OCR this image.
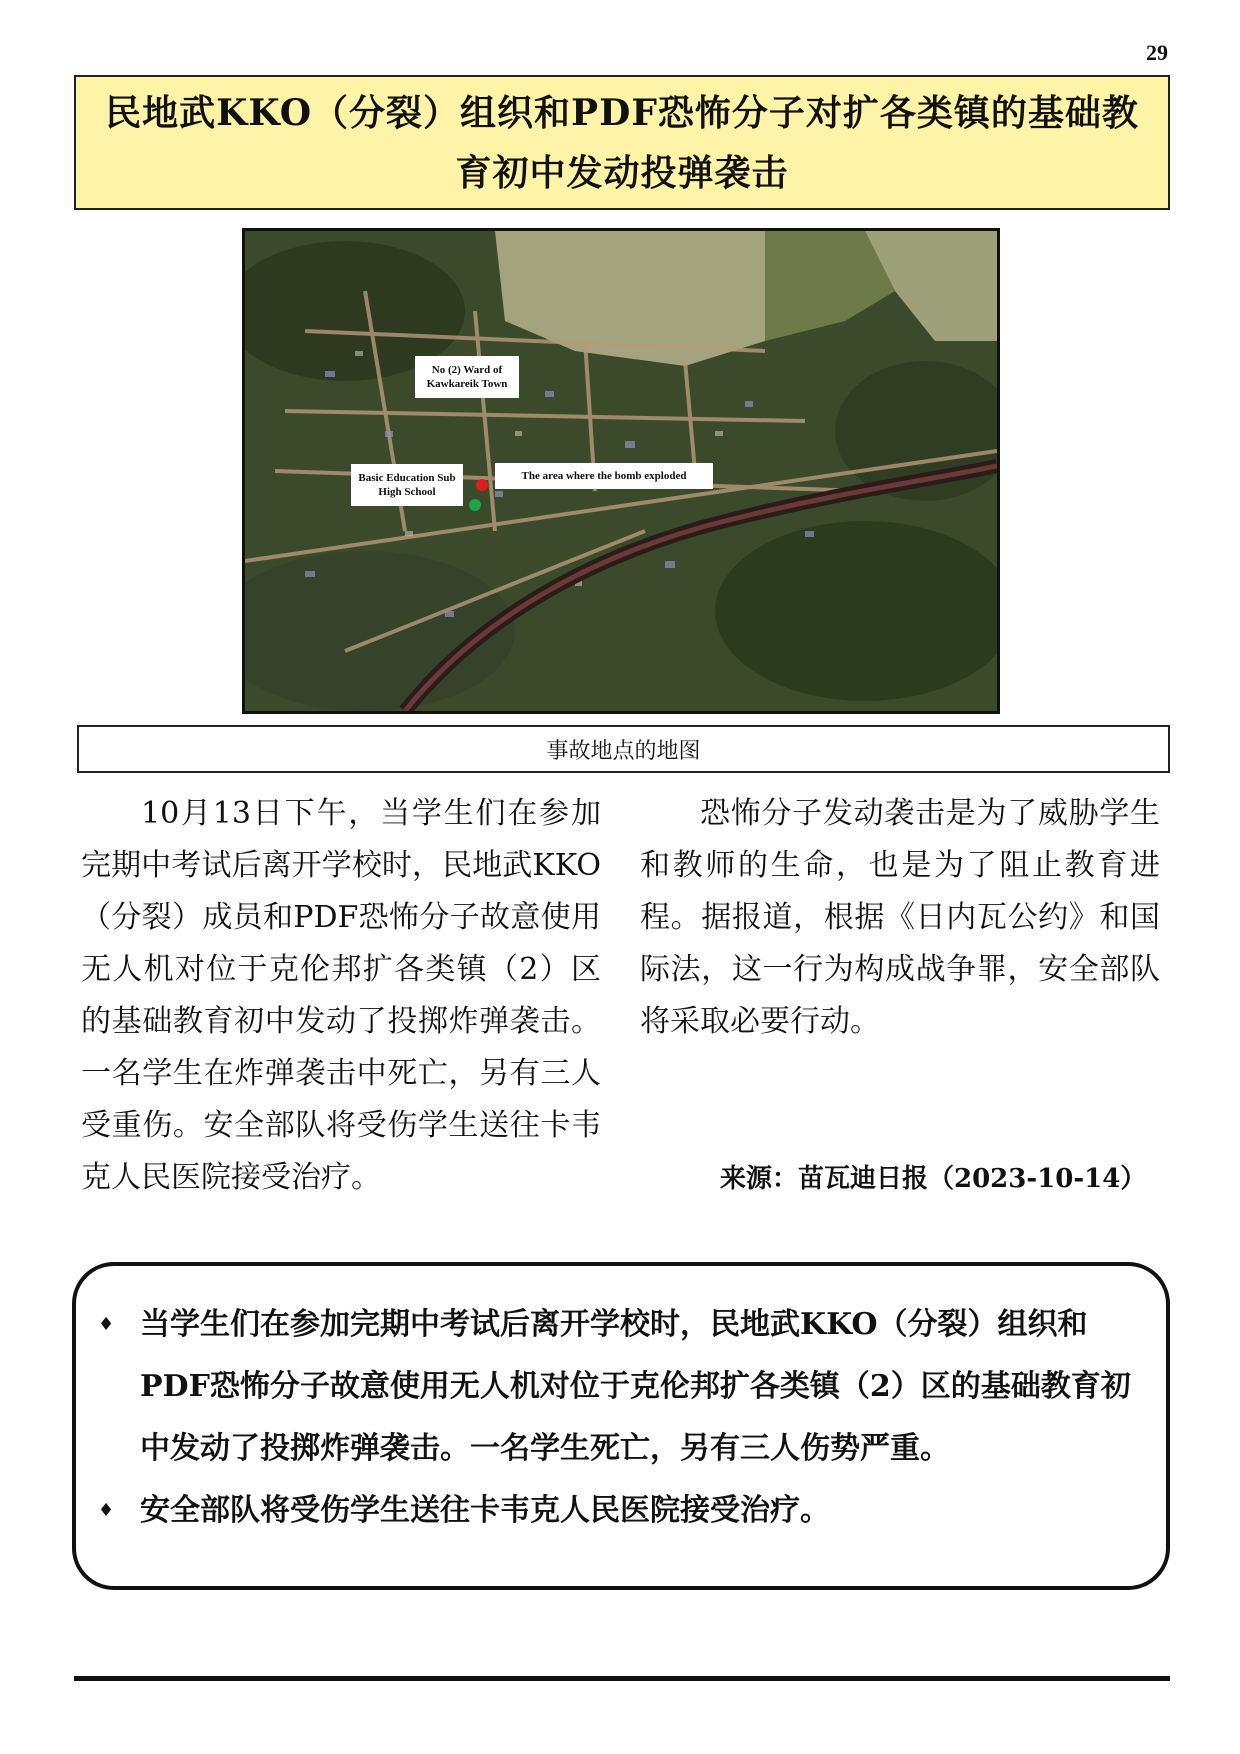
29
民地武KKO（分裂）组织和PDF恐怖分子对扩各类镇的基础教育初中发动投弹袭击
No (2) Ward of Kawkareik Town
Basic Education Sub High School
The area where the bomb exploded
事故地点的地图

10月13日下午，当学生们在参加完期中考试后离开学校时，民地武KKO（分裂）成员和PDF恐怖分子故意使用无人机对位于克伦邦扩各类镇（2）区的基础教育初中发动了投掷炸弹袭击。一名学生在炸弹袭击中死亡，另有三人受重伤。安全部队将受伤学生送往卡韦克人民医院接受治疗。

恐怖分子发动袭击是为了威胁学生和教师的生命，也是为了阻止教育进程。据报道，根据《日内瓦公约》和国际法，这一行为构成战争罪，安全部队将采取必要行动。

来源：苗瓦迪日报（2023-10-14）
♦ 当学生们在参加完期中考试后离开学校时，民地武KKO（分裂）组织和PDF恐怖分子故意使用无人机对位于克伦邦扩各类镇（2）区的基础教育初中发动了投掷炸弹袭击。一名学生死亡，另有三人伤势严重。
♦ 安全部队将受伤学生送往卡韦克人民医院接受治疗。
